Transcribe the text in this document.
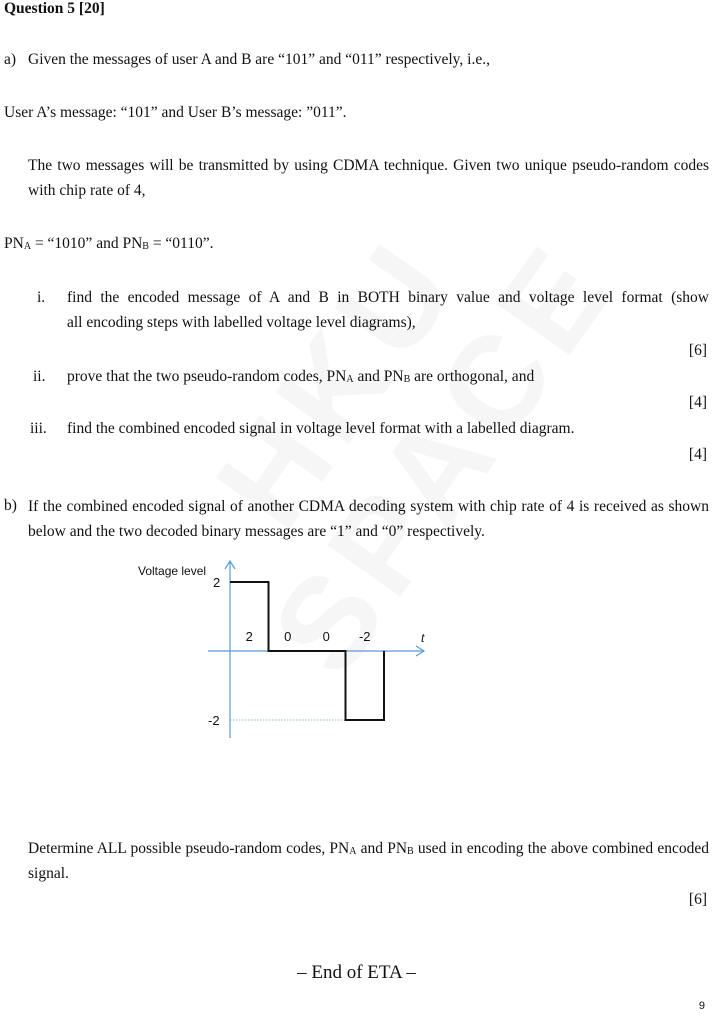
Question 5 [20]
a) Given the messages of user A and B are “101” and “011” respectively, i.e.,
User A’s message: “101” and User B’s message: ”011”.
The two messages will be transmitted by using CDMA technique. Given two unique pseudo-random codes with chip rate of 4,
$PN_A$ = “1010” and $PN_B$ = “0110”.
i. find the encoded message of A and B in BOTH binary value and voltage level format (show
all encoding steps with labelled voltage level diagrams),
[6]
ii. prove that the two pseudo-random codes, $PN_A$ and $PN_B$ are orthogonal, and
[4]
iii. find the combined encoded signal in voltage level format with a labelled diagram.
[4]
b) If the combined encoded signal of another CDMA decoding system with chip rate of 4 is received as shown below and the two decoded binary messages are “1” and “0” respectively.
Voltage level
t
2
-2
2 0 0 -2
Determine ALL possible pseudo-random codes, $PN_A$ and $PN_B$ used in encoding the above combined encoded signal.
[6]
– End of ETA –
9
